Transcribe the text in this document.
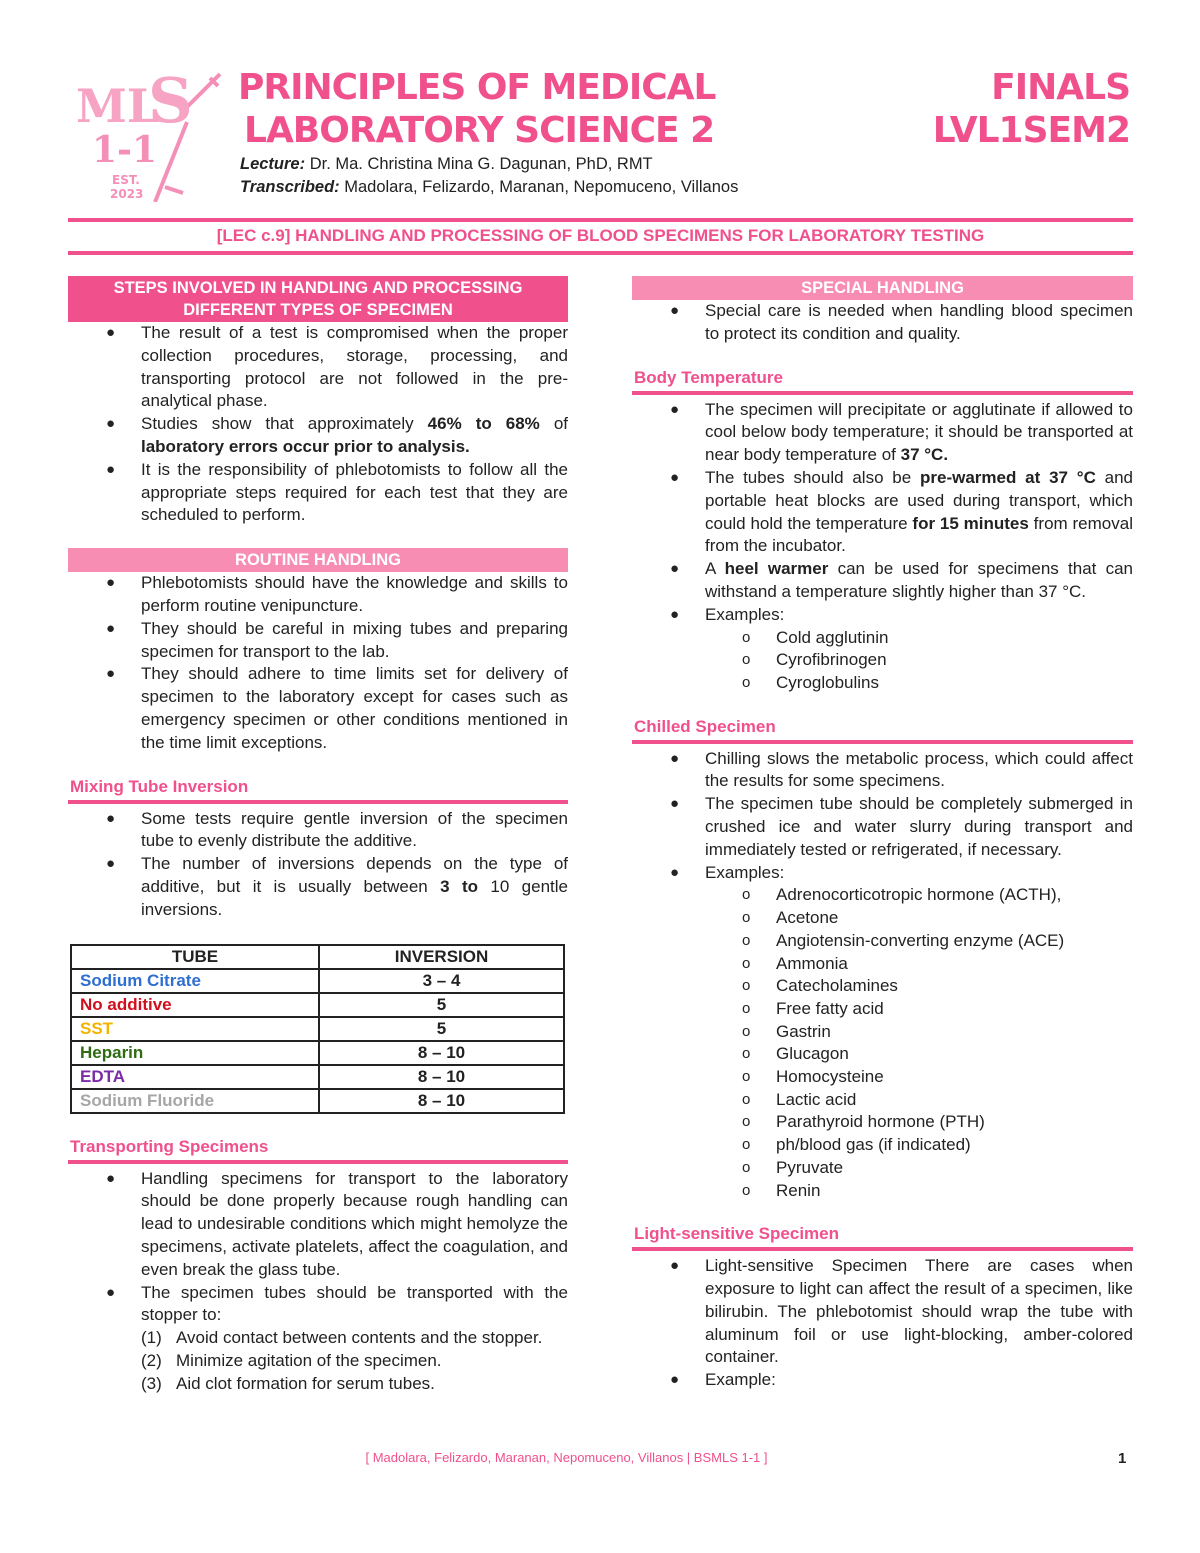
ML
S
1-1
EST.
2023
PRINCIPLES OF MEDICAL
LABORATORY SCIENCE 2
FINALS
LVL1SEM2
Lecture: Dr. Ma. Christina Mina G. Dagunan, PhD, RMT
Transcribed: Madolara, Felizardo, Maranan, Nepomuceno, Villanos
[LEC c.9] HANDLING AND PROCESSING OF BLOOD SPECIMENS FOR LABORATORY TESTING
STEPS INVOLVED IN HANDLING AND PROCESSING
DIFFERENT TYPES OF SPECIMEN
● The result of a test is compromised when the proper collection procedures, storage, processing, and transporting protocol are not followed in the pre-analytical phase.
● Studies show that approximately 46% to 68% of laboratory errors occur prior to analysis.
● It is the responsibility of phlebotomists to follow all the appropriate steps required for each test that they are scheduled to perform.
ROUTINE HANDLING
● Phlebotomists should have the knowledge and skills to perform routine venipuncture.
● They should be careful in mixing tubes and preparing specimen for transport to the lab.
● They should adhere to time limits set for delivery of specimen to the laboratory except for cases such as emergency specimen or other conditions mentioned in the time limit exceptions.
Mixing Tube Inversion
● Some tests require gentle inversion of the specimen tube to evenly distribute the additive.
● The number of inversions depends on the type of additive, but it is usually between 3 to 10 gentle inversions.
TUBE	INVERSION
Sodium Citrate	3 – 4
No additive	5
SST	5
Heparin	8 – 10
EDTA	8 – 10
Sodium Fluoride	8 – 10
Transporting Specimens
● Handling specimens for transport to the laboratory should be done properly because rough handling can lead to undesirable conditions which might hemolyze the specimens, activate platelets, affect the coagulation, and even break the glass tube.
● The specimen tubes should be transported with the stopper to:
(1) Avoid contact between contents and the stopper.
(2) Minimize agitation of the specimen.
(3) Aid clot formation for serum tubes.
SPECIAL HANDLING
● Special care is needed when handling blood specimen to protect its condition and quality.
Body Temperature
● The specimen will precipitate or agglutinate if allowed to cool below body temperature; it should be transported at near body temperature of 37 °C.
● The tubes should also be pre-warmed at 37 °C and portable heat blocks are used during transport, which could hold the temperature for 15 minutes from removal from the incubator.
● A heel warmer can be used for specimens that can withstand a temperature slightly higher than 37 °C.
● Examples:
o Cold agglutinin
o Cyrofibrinogen
o Cyroglobulins
Chilled Specimen
● Chilling slows the metabolic process, which could affect the results for some specimens.
● The specimen tube should be completely submerged in crushed ice and water slurry during transport and immediately tested or refrigerated, if necessary.
● Examples:
o Adrenocorticotropic hormone (ACTH),
o Acetone
o Angiotensin-converting enzyme (ACE)
o Ammonia
o Catecholamines
o Free fatty acid
o Gastrin
o Glucagon
o Homocysteine
o Lactic acid
o Parathyroid hormone (PTH)
o ph/blood gas (if indicated)
o Pyruvate
o Renin
Light-sensitive Specimen
● Light-sensitive Specimen There are cases when exposure to light can affect the result of a specimen, like bilirubin. The phlebotomist should wrap the tube with aluminum foil or use light-blocking, amber-colored container.
● Example:
[ Madolara, Felizardo, Maranan, Nepomuceno, Villanos | BSMLS 1-1 ]	1
